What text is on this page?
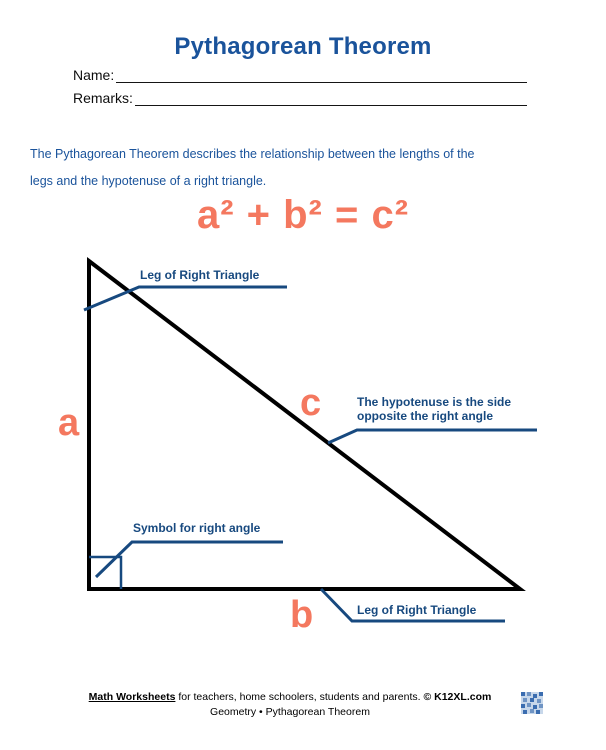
Pythagorean Theorem
Name:
Remarks:
The Pythagorean Theorem describes the relationship between the lengths of the
legs and the hypotenuse of a right triangle.
a² + b² = c²
Leg of Right Triangle
a	c
b
The hypotenuse is the side
opposite the right angle
Symbol for right angle
Leg of Right Triangle
Math Worksheets for teachers, home schoolers, students and parents. © K12XL.com
Geometry • Pythagorean Theorem
